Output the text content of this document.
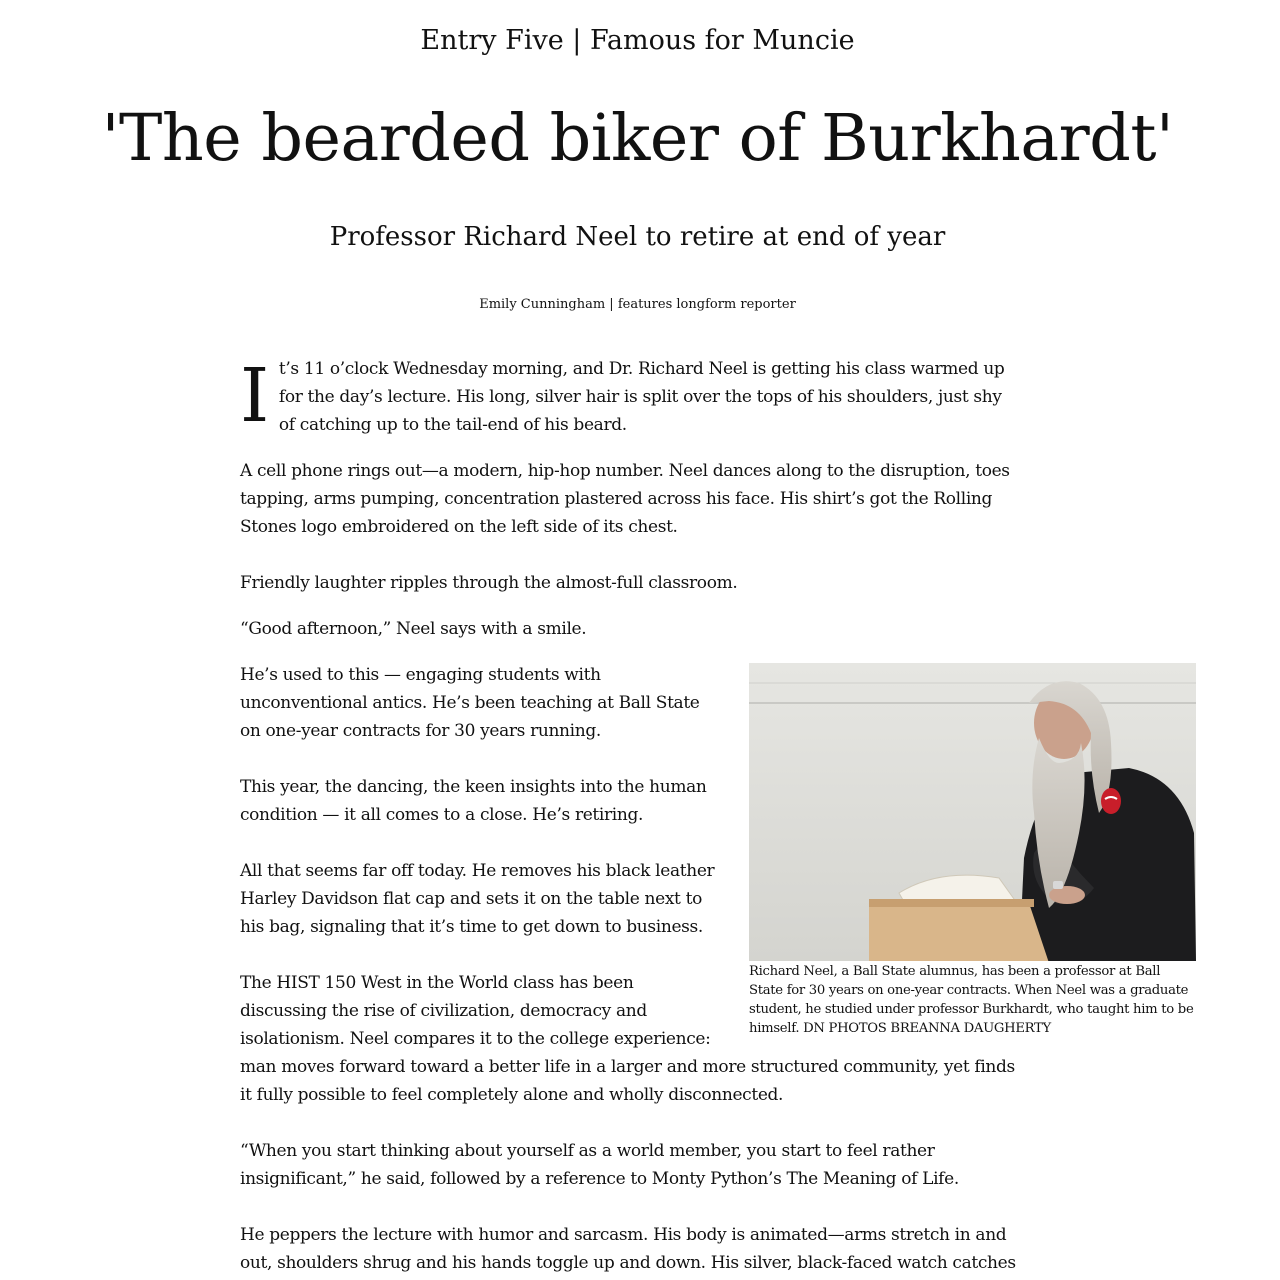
Entry Five | Famous for Muncie
'The bearded biker of Burkhardt'
Professor Richard Neel to retire at end of year
Emily Cunningham | features longform reporter

I t’s 11 o’clock Wednesday morning, and Dr. Richard Neel is getting his class warmed up for the day’s lecture. His long, silver hair is split over the tops of his shoulders, just shy of catching up to the tail-end of his beard.

A cell phone rings out—a modern, hip-hop number. Neel dances along to the disruption, toes tapping, arms pumping, concentration plastered across his face. His shirt’s got the Rolling Stones logo embroidered on the left side of its chest.

Friendly laughter ripples through the almost-full classroom.

“Good afternoon,” Neel says with a smile.

Richard Neel, a Ball State alumnus, has been a professor at Ball State for 30 years on one-year contracts. When Neel was a graduate student, he studied under professor Burkhardt, who taught him to be himself. DN PHOTOS BREANNA DAUGHERTY

He’s used to this — engaging students with unconventional antics. He’s been teaching at Ball State on one-year contracts for 30 years running.

This year, the dancing, the keen insights into the human condition — it all comes to a close. He’s retiring.

All that seems far off today. He removes his black leather Harley Davidson flat cap and sets it on the table next to his bag, signaling that it’s time to get down to business.

The HIST 150 West in the World class has been discussing the rise of civilization, democracy and isolationism. Neel compares it to the college experience: man moves forward toward a better life in a larger and more structured community, yet finds it fully possible to feel completely alone and wholly disconnected.

“When you start thinking about yourself as a world member, you start to feel rather insignificant,” he said, followed by a reference to Monty Python’s The Meaning of Life.

He peppers the lecture with humor and sarcasm. His body is animated—arms stretch in and out, shoulders shrug and his hands toggle up and down. His silver, black-faced watch catches
